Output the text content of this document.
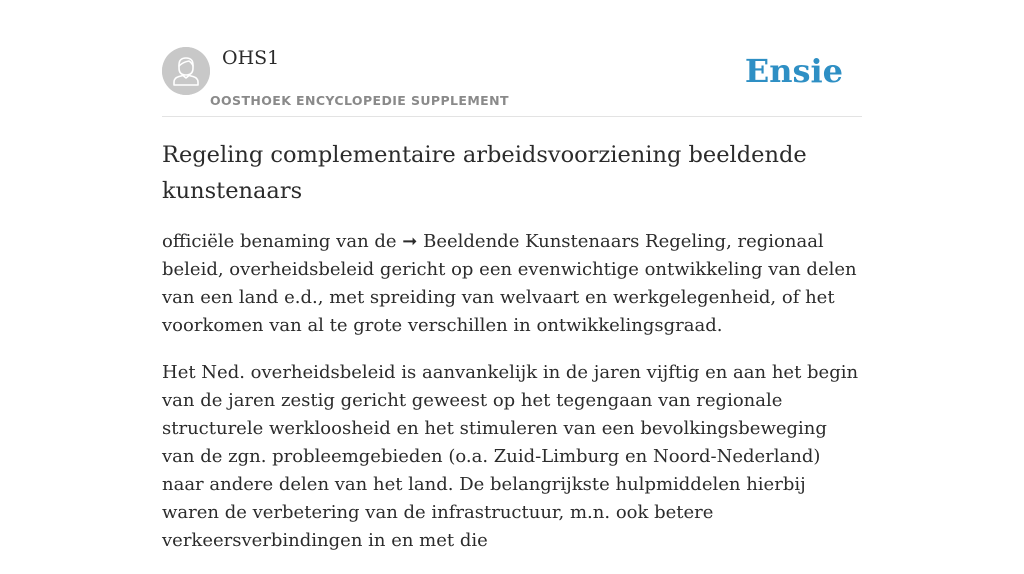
OHS1
OOSTHOEK ENCYCLOPEDIE SUPPLEMENT
Ensie
Regeling complementaire arbeidsvoorziening beeldende kunstenaars

officiële benaming van de ➞ Beeldende Kunstenaars Regeling, regionaal beleid, overheidsbeleid gericht op een evenwichtige ontwikkeling van delen van een land e.d., met spreiding van welvaart en werkgelegenheid, of het voorkomen van al te grote verschillen in ontwikkelingsgraad.

Het Ned. overheidsbeleid is aanvankelijk in de jaren vijftig en aan het begin van de jaren zestig gericht geweest op het tegengaan van regionale structurele werkloosheid en het stimuleren van een bevolkingsbeweging van de zgn. probleemgebieden (o.a. Zuid-Limburg en Noord-Nederland) naar andere delen van het land. De belangrijkste hulpmiddelen hierbij waren de verbetering van de infrastructuur, m.n. ook betere verkeersverbindingen in en met die
